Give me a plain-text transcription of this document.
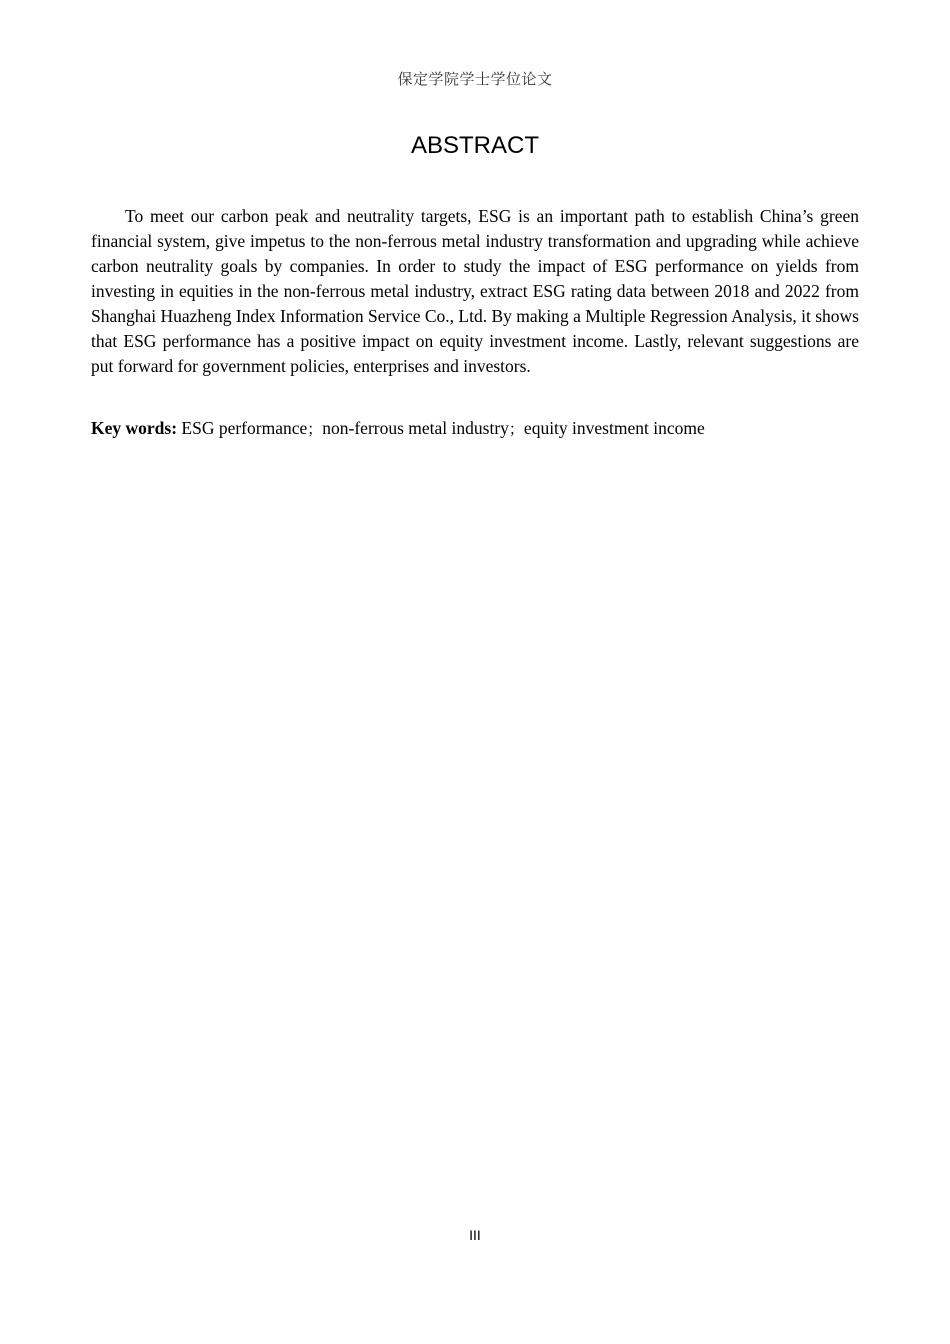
保定学院学士学位论文
ABSTRACT

To meet our carbon peak and neutrality targets, ESG is an important path to establish China’s green financial system, give impetus to the non-ferrous metal industry transformation and upgrading while achieve carbon neutrality goals by companies. In order to study the impact of ESG performance on yields from investing in equities in the non-ferrous metal industry, extract ESG rating data between 2018 and 2022 from Shanghai Huazheng Index Information Service Co., Ltd. By making a Multiple Regression Analysis, it shows that ESG performance has a positive impact on equity investment income. Lastly, relevant suggestions are put forward for government policies, enterprises and investors.

Key words: ESG performance；non-ferrous metal industry；equity investment income

III
